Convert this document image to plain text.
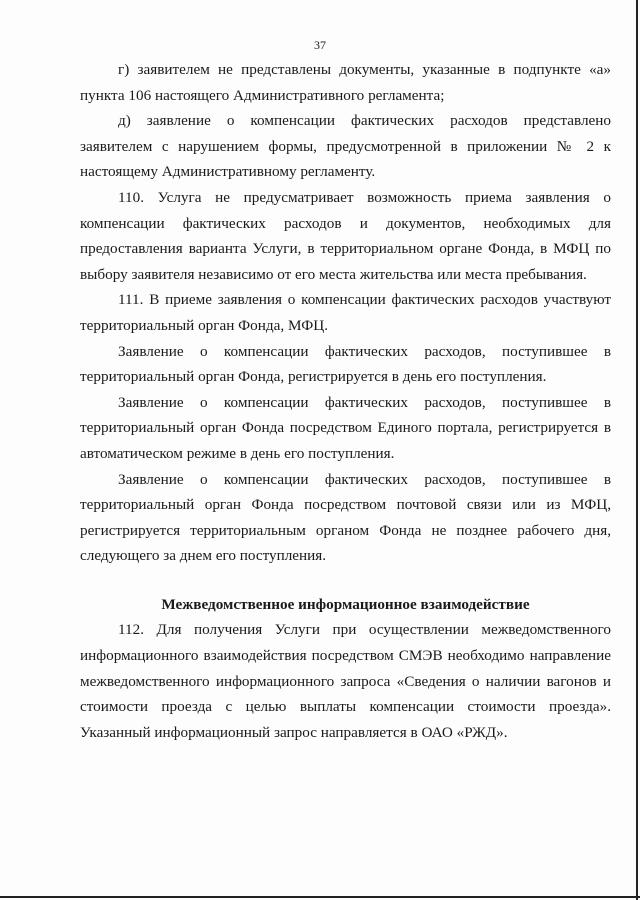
37

г) заявителем не представлены документы, указанные в подпункте «а» пункта 106 настоящего Административного регламента;

д) заявление о компенсации фактических расходов представлено заявителем с нарушением формы, предусмотренной в приложении № 2 к настоящему Административному регламенту.

110. Услуга не предусматривает возможность приема заявления о компенсации фактических расходов и документов, необходимых для предоставления варианта Услуги, в территориальном органе Фонда, в МФЦ по выбору заявителя независимо от его места жительства или места пребывания.

111. В приеме заявления о компенсации фактических расходов участвуют территориальный орган Фонда, МФЦ.

Заявление о компенсации фактических расходов, поступившее в территориальный орган Фонда, регистрируется в день его поступления.

Заявление о компенсации фактических расходов, поступившее в территориальный орган Фонда посредством Единого портала, регистрируется в автоматическом режиме в день его поступления.

Заявление о компенсации фактических расходов, поступившее в территориальный орган Фонда посредством почтовой связи или из МФЦ, регистрируется территориальным органом Фонда не позднее рабочего дня, следующего за днем его поступления.

Межведомственное информационное взаимодействие

112. Для получения Услуги при осуществлении межведомственного информационного взаимодействия посредством СМЭВ необходимо направление межведомственного информационного запроса «Сведения о наличии вагонов и стоимости проезда с целью выплаты компенсации стоимости проезда». Указанный информационный запрос направляется в ОАО «РЖД».
